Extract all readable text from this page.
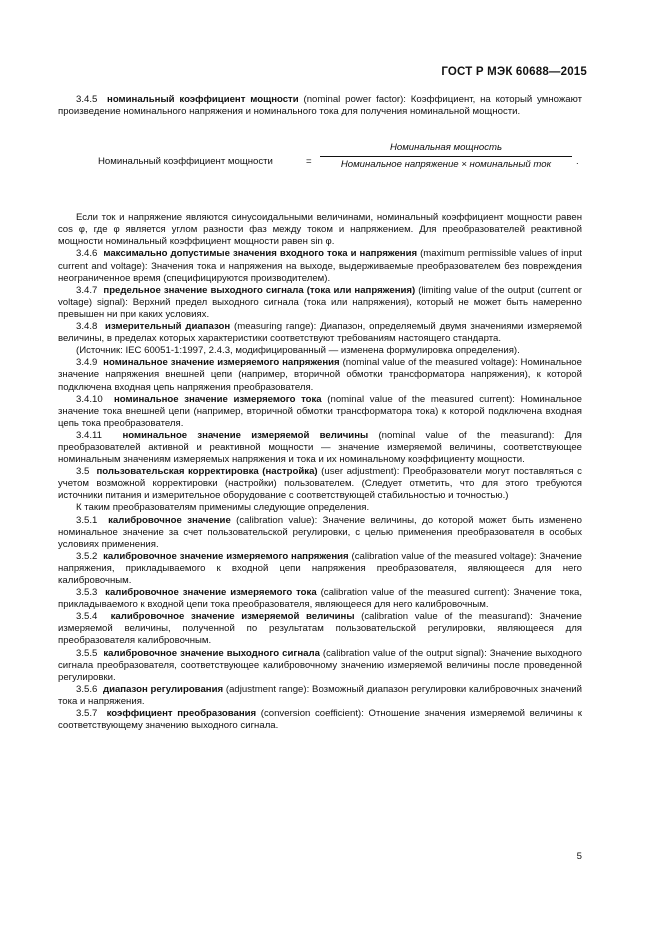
ГОСТ Р МЭК 60688—2015

3.4.5 номинальный коэффициент мощности (nominal power factor): Коэффициент, на который умножают произведение номинального напряжения и номинального тока для получения номинальной мощности.

Номинальный коэффициент мощности	=
Номинальная мощность
Номинальное напряжение × номинальный ток	.

Если ток и напряжение являются синусоидальными величинами, номинальный коэффициент мощности равен cos φ, где φ является углом разности фаз между током и напряжением. Для преобразователей реактивной мощности номинальный коэффициент мощности равен sin φ.

3.4.6 максимально допустимые значения входного тока и напряжения (maximum permissible values of input current and voltage): Значения тока и напряжения на выходе, выдерживаемые преобразователем без повреждения неограниченное время (специфицируются производителем).

3.4.7 предельное значение выходного сигнала (тока или напряжения) (limiting value of the output (current or voltage) signal): Верхний предел выходного сигнала (тока или напряжения), который не может быть намеренно превышен ни при каких условиях.

3.4.8 измерительный диапазон (measuring range): Диапазон, определяемый двумя значениями измеряемой величины, в пределах которых характеристики соответствуют требованиям настоящего стандарта.

(Источник: IEC 60051-1:1997, 2.4.3, модифицированный — изменена формулировка определения).

3.4.9 номинальное значение измеряемого напряжения (nominal value of the measured voltage): Номинальное значение напряжения внешней цепи (например, вторичной обмотки трансформатора напряжения), к которой подключена входная цепь напряжения преобразователя.

3.4.10 номинальное значение измеряемого тока (nominal value of the measured current): Номинальное значение тока внешней цепи (например, вторичной обмотки трансформатора тока) к которой подключена входная цепь тока преобразователя.

3.4.11 номинальное значение измеряемой величины (nominal value of the measurand): Для преобразователей активной и реактивной мощности — значение измеряемой величины, соответствующее номинальным значениям измеряемых напряжения и тока и их номинальному коэффициенту мощности.

3.5 пользовательская корректировка (настройка) (user adjustment): Преобразователи могут поставляться с учетом возможной корректировки (настройки) пользователем. (Следует отметить, что для этого требуются источники питания и измерительное оборудование с соответствующей стабильностью и точностью.)

К таким преобразователям применимы следующие определения.

3.5.1 калибровочное значение (calibration value): Значение величины, до которой может быть изменено номинальное значение за счет пользовательской регулировки, с целью применения преобразователя в особых условиях применения.

3.5.2 калибровочное значение измеряемого напряжения (calibration value of the measured voltage): Значение напряжения, прикладываемого к входной цепи напряжения преобразователя, являющееся для него калибровочным.

3.5.3 калибровочное значение измеряемого тока (calibration value of the measured current): Значение тока, прикладываемого к входной цепи тока преобразователя, являющееся для него калибровочным.

3.5.4 калибровочное значение измеряемой величины (calibration value of the measurand): Значение измеряемой величины, полученной по результатам пользовательской регулировки, являющееся для преобразователя калибровочным.

3.5.5 калибровочное значение выходного сигнала (calibration value of the output signal): Значение выходного сигнала преобразователя, соответствующее калибровочному значению измеряемой величины после проведенной регулировки.

3.5.6 диапазон регулирования (adjustment range): Возможный диапазон регулировки калибровочных значений тока и напряжения.

3.5.7 коэффициент преобразования (conversion coefficient): Отношение значения измеряемой величины к соответствующему значению выходного сигнала.

5
